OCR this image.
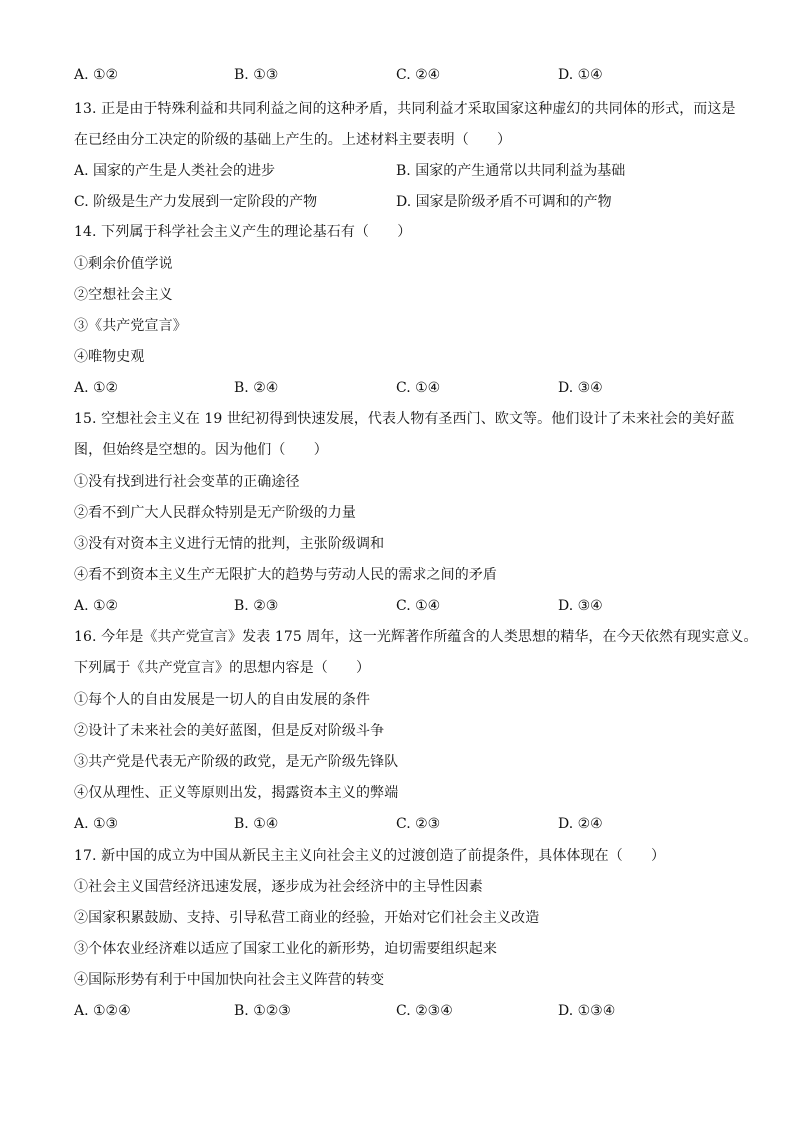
A. ①②	B. ①③	C. ②④	D. ①④
13. 正是由于特殊利益和共同利益之间的这种矛盾，共同利益才采取国家这种虚幻的共同体的形式，而这是
在已经由分工决定的阶级的基础上产生的。上述材料主要表明（　　）
A. 国家的产生是人类社会的进步	B. 国家的产生通常以共同利益为基础
C. 阶级是生产力发展到一定阶段的产物	D. 国家是阶级矛盾不可调和的产物
14. 下列属于科学社会主义产生的理论基石有（　　）
①剩余价值学说
②空想社会主义
③《共产党宣言》
④唯物史观
A. ①②	B. ②④	C. ①④	D. ③④
15. 空想社会主义在 19 世纪初得到快速发展，代表人物有圣西门、欧文等。他们设计了未来社会的美好蓝
图，但始终是空想的。因为他们（　　）
①没有找到进行社会变革的正确途径
②看不到广大人民群众特别是无产阶级的力量
③没有对资本主义进行无情的批判，主张阶级调和
④看不到资本主义生产无限扩大的趋势与劳动人民的需求之间的矛盾
A. ①②	B. ②③	C. ①④	D. ③④
16. 今年是《共产党宣言》发表 175 周年，这一光辉著作所蕴含的人类思想的精华，在今天依然有现实意义。
下列属于《共产党宣言》的思想内容是（　　）
①每个人的自由发展是一切人的自由发展的条件
②设计了未来社会的美好蓝图，但是反对阶级斗争
③共产党是代表无产阶级的政党，是无产阶级先锋队
④仅从理性、正义等原则出发，揭露资本主义的弊端
A. ①③	B. ①④	C. ②③	D. ②④
17. 新中国的成立为中国从新民主主义向社会主义的过渡创造了前提条件，具体体现在（　　）
①社会主义国营经济迅速发展，逐步成为社会经济中的主导性因素
②国家积累鼓励、支持、引导私营工商业的经验，开始对它们社会主义改造
③个体农业经济难以适应了国家工业化的新形势，迫切需要组织起来
④国际形势有利于中国加快向社会主义阵营的转变
A. ①②④	B. ①②③	C. ②③④	D. ①③④
